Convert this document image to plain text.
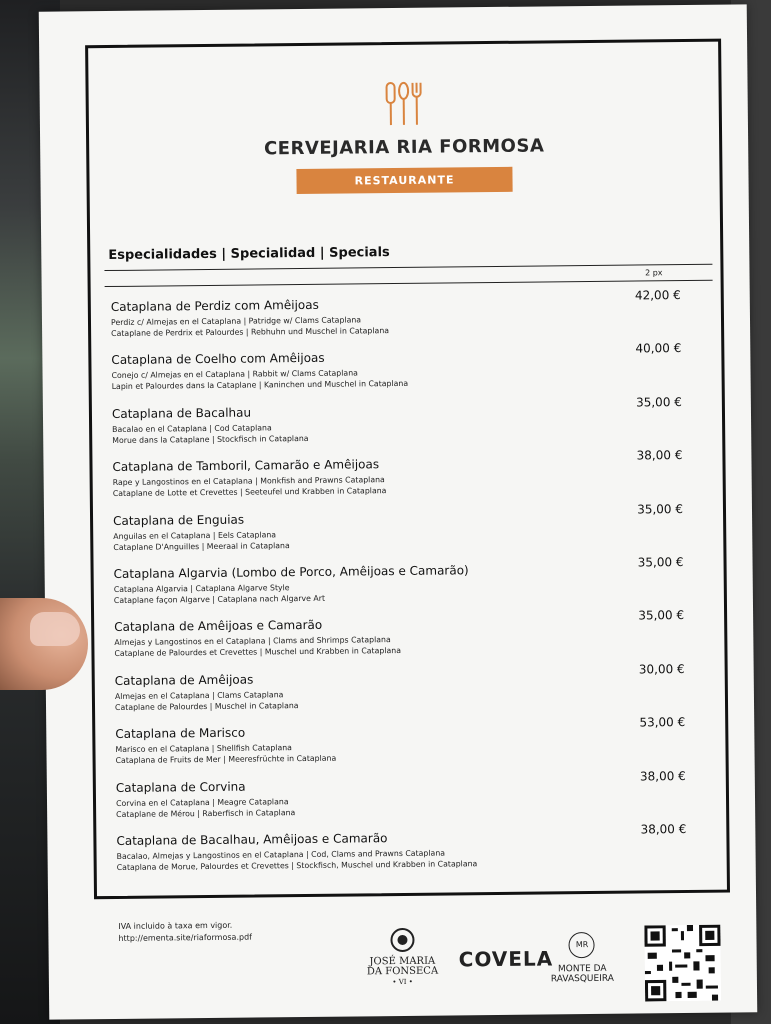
CERVEJARIA RIA FORMOSA
RESTAURANTE
Especialidades | Specialidad | Specials
2 px
Cataplana de Perdiz com Amêijoas
Perdiz c/ Almejas en el Cataplana | Patridge w/ Clams Cataplana
Cataplane de Perdrix et Palourdes | Rebhuhn und Muschel in Cataplana
42,00 €
Cataplana de Coelho com Amêijoas
Conejo c/ Almejas en el Cataplana | Rabbit w/ Clams Cataplana
Lapin et Palourdes dans la Cataplane | Kaninchen und Muschel in Cataplana
40,00 €
Cataplana de Bacalhau
Bacalao en el Cataplana | Cod Cataplana
Morue dans la Cataplane | Stockfisch in Cataplana
35,00 €
Cataplana de Tamboril, Camarão e Amêijoas
Rape y Langostinos en el Cataplana | Monkfish and Prawns Cataplana
Cataplane de Lotte et Crevettes | Seeteufel und Krabben in Cataplana
38,00 €
Cataplana de Enguias
Anguilas en el Cataplana | Eels Cataplana
Cataplane D'Anguilles | Meeraal in Cataplana
35,00 €
Cataplana Algarvia (Lombo de Porco, Amêijoas e Camarão)
Cataplana Algarvia | Cataplana Algarve Style
Cataplane façon Algarve | Cataplana nach Algarve Art
35,00 €
Cataplana de Amêijoas e Camarão
Almejas y Langostinos en el Cataplana | Clams and Shrimps Cataplana
Cataplane de Palourdes et Crevettes | Muschel und Krabben in Cataplana
35,00 €
Cataplana de Amêijoas
Almejas en el Cataplana | Clams Cataplana
Cataplane de Palourdes | Muschel in Cataplana
30,00 €
Cataplana de Marisco
Marisco en el Cataplana | Shellfish Cataplana
Cataplana de Fruits de Mer | Meeresfrüchte in Cataplana
53,00 €
Cataplana de Corvina
Corvina en el Cataplana | Meagre Cataplana
Cataplane de Mérou | Raberfisch in Cataplana
38,00 €
Cataplana de Bacalhau, Amêijoas e Camarão
Bacalao, Almejas y Langostinos en el Cataplana | Cod, Clams and Prawns Cataplana
Cataplana de Morue, Palourdes et Crevettes | Stockfisch, Muschel und Krabben in Cataplana
38,00 €
IVA incluido à taxa em vigor.
http://ementa.site/riaformosa.pdf
JOSÉ MARIA
DA FONSECA
• VI •
COVELA
MR
MONTE DA
RAVASQUEIRA
